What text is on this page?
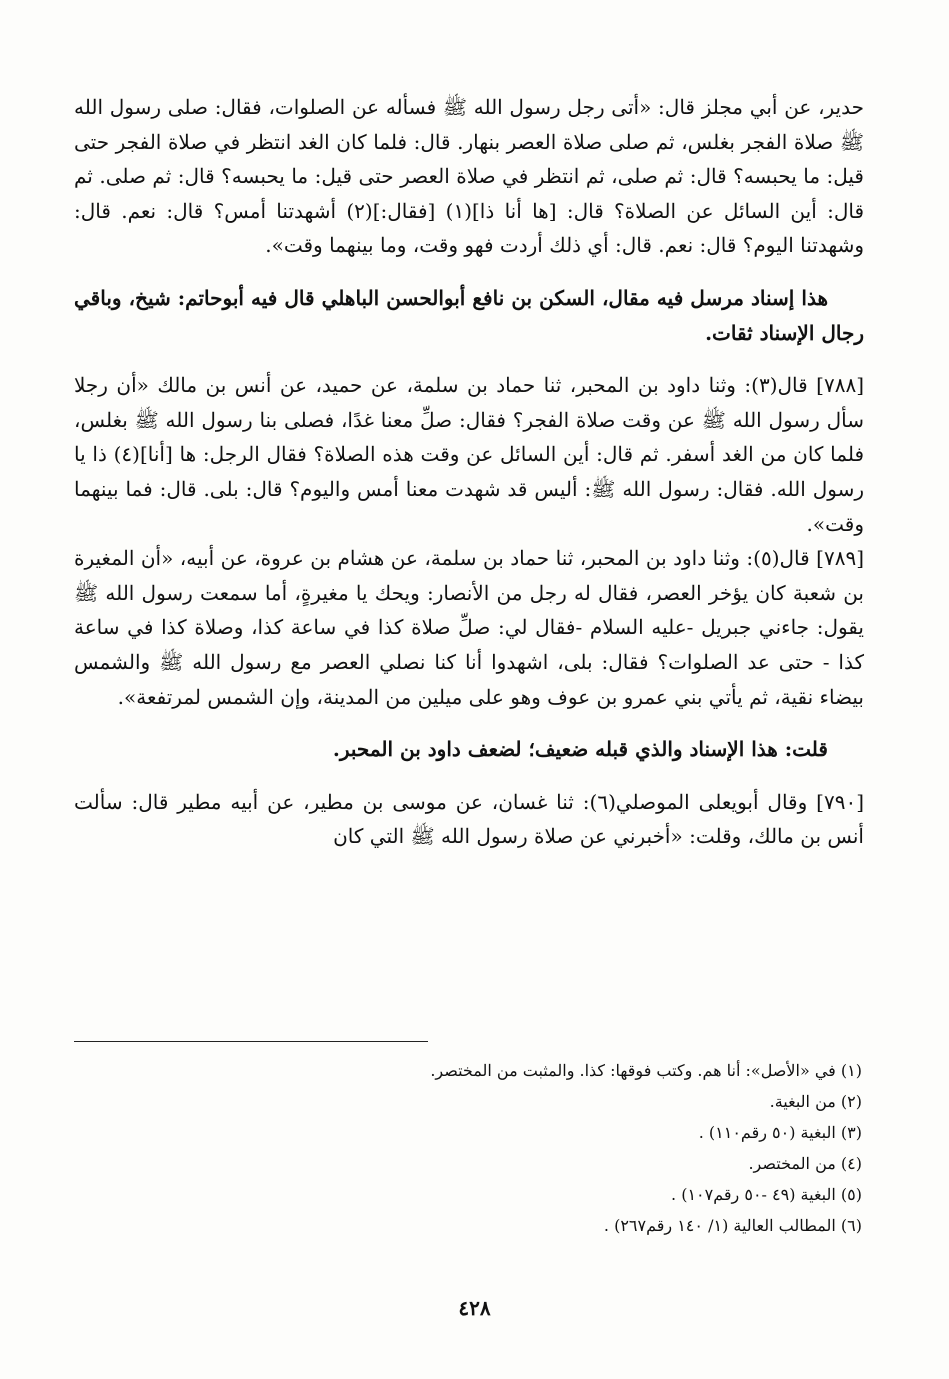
حدير، عن أبي مجلز قال: «أتى رجل رسول الله ﷺ فسأله عن الصلوات، فقال: صلى رسول الله ﷺ صلاة الفجر بغلس، ثم صلى صلاة العصر بنهار. قال: فلما كان الغد انتظر في صلاة الفجر حتى قيل: ما يحبسه؟ قال: ثم صلى، ثم انتظر في صلاة العصر حتى قيل: ما يحبسه؟ قال: ثم صلى. ثم قال: أين السائل عن الصلاة؟ قال: [ها أنا ذا](١) [فقال:](٢) أشهدتنا أمس؟ قال: نعم. قال: وشهدتنا اليوم؟ قال: نعم. قال: أي ذلك أردت فهو وقت، وما بينهما وقت».

هذا إسناد مرسل فيه مقال، السكن بن نافع أبوالحسن الباهلي قال فيه أبوحاتم: شيخ، وباقي رجال الإسناد ثقات.

[٧٨٨] قال(٣): وثنا داود بن المحبر، ثنا حماد بن سلمة، عن حميد، عن أنس بن مالك «أن رجلا سأل رسول الله ﷺ عن وقت صلاة الفجر؟ فقال: صلِّ معنا غدًا، فصلى بنا رسول الله ﷺ بغلس، فلما كان من الغد أسفر. ثم قال: أين السائل عن وقت هذه الصلاة؟ فقال الرجل: ها [أنا](٤) ذا يا رسول الله. فقال: رسول الله ﷺ: أليس قد شهدت معنا أمس واليوم؟ قال: بلى. قال: فما بينهما وقت».

[٧٨٩] قال(٥): وثنا داود بن المحبر، ثنا حماد بن سلمة، عن هشام بن عروة، عن أبيه، «أن المغيرة بن شعبة كان يؤخر العصر، فقال له رجل من الأنصار: ويحك يا مغيرةٍ، أما سمعت رسول الله ﷺ يقول: جاءني جبريل -عليه السلام -فقال لي: صلِّ صلاة كذا في ساعة كذا، وصلاة كذا في ساعة كذا - حتى عد الصلوات؟ فقال: بلى، اشهدوا أنا كنا نصلي العصر مع رسول الله ﷺ والشمس بيضاء نقية، ثم يأتي بني عمرو بن عوف وهو على ميلين من المدينة، وإن الشمس لمرتفعة».

قلت: هذا الإسناد والذي قبله ضعيف؛ لضعف داود بن المحبر.

[٧٩٠] وقال أبويعلى الموصلي(٦): ثنا غسان، عن موسى بن مطير، عن أبيه مطير قال: سألت أنس بن مالك، وقلت: «أخبرني عن صلاة رسول الله ﷺ التي كان

(١) في «الأصل»: أنا هم. وكتب فوقها: كذا. والمثبت من المختصر.

(٢) من البغية.

(٣) البغية (٥٠ رقم١١٠) .

(٤) من المختصر.

(٥) البغية (٤٩ -٥٠ رقم١٠٧) .

(٦) المطالب العالية (١/ ١٤٠ رقم٢٦٧) .

٤٢٨
